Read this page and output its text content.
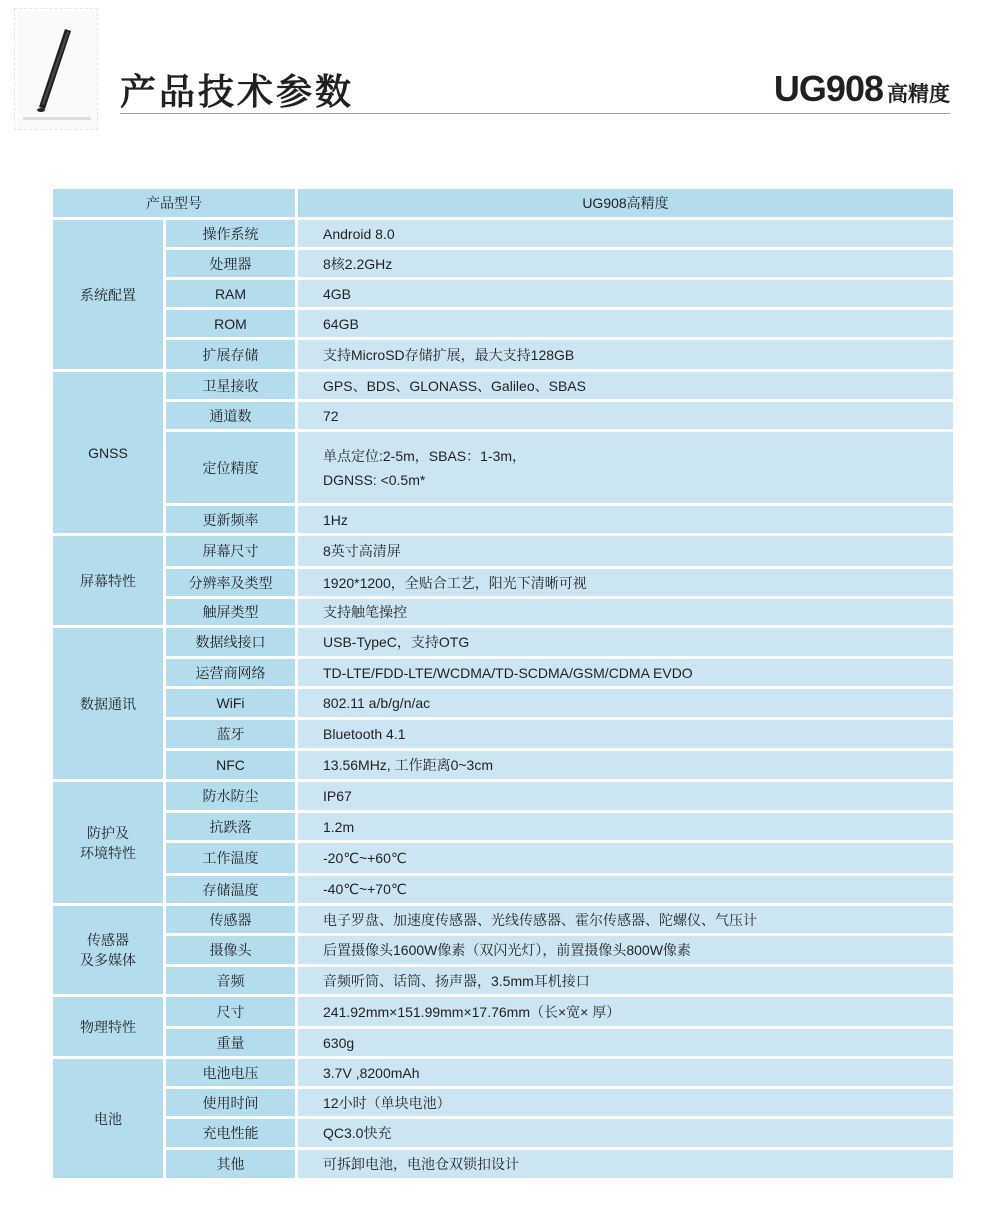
产品技术参数	UG908 高精度
产品型号		UG908高精度

系统配置	操作系统	Android 8.0
	处理器	8核2.2GHz
	RAM	4GB
	ROM	64GB
	扩展存储	支持MicroSD存储扩展，最大支持128GB

GNSS	卫星接收	GPS、BDS、GLONASS、Galileo、SBAS
	通道数	72
	定位精度	单点定位:2-5m，SBAS：1-3m，
DGNSS: <0.5m*

	更新频率	1Hz

屏幕特性	屏幕尺寸	8英寸高清屏
	分辨率及类型	1920*1200，全贴合工艺，阳光下清晰可视
	触屏类型	支持触笔操控

数据通讯	数据线接口	USB-TypeC，支持OTG
	运营商网络	TD-LTE/FDD-LTE/WCDMA/TD-SCDMA/GSM/CDMA EVDO
	WiFi	802.11 a/b/g/n/ac
	蓝牙	Bluetooth 4.1
	NFC	13.56MHz, 工作距离0~3cm

防护及
环境特性	防水防尘	IP67
	抗跌落	1.2m
	工作温度	-20℃~+60℃
	存储温度	-40℃~+70℃

传感器
及多媒体	传感器	电子罗盘、加速度传感器、光线传感器、霍尔传感器、陀螺仪、气压计
	摄像头	后置摄像头1600W像素（双闪光灯），前置摄像头800W像素
	音频	音频听筒、话筒、扬声器，3.5mm耳机接口

物理特性	尺寸	241.92mm×151.99mm×17.76mm（长×宽× 厚）
	重量	630g

电池	电池电压	3.7V ,8200mAh
	使用时间	12小时（单块电池）
	充电性能	QC3.0快充
	其他	可拆卸电池，电池仓双锁扣设计
